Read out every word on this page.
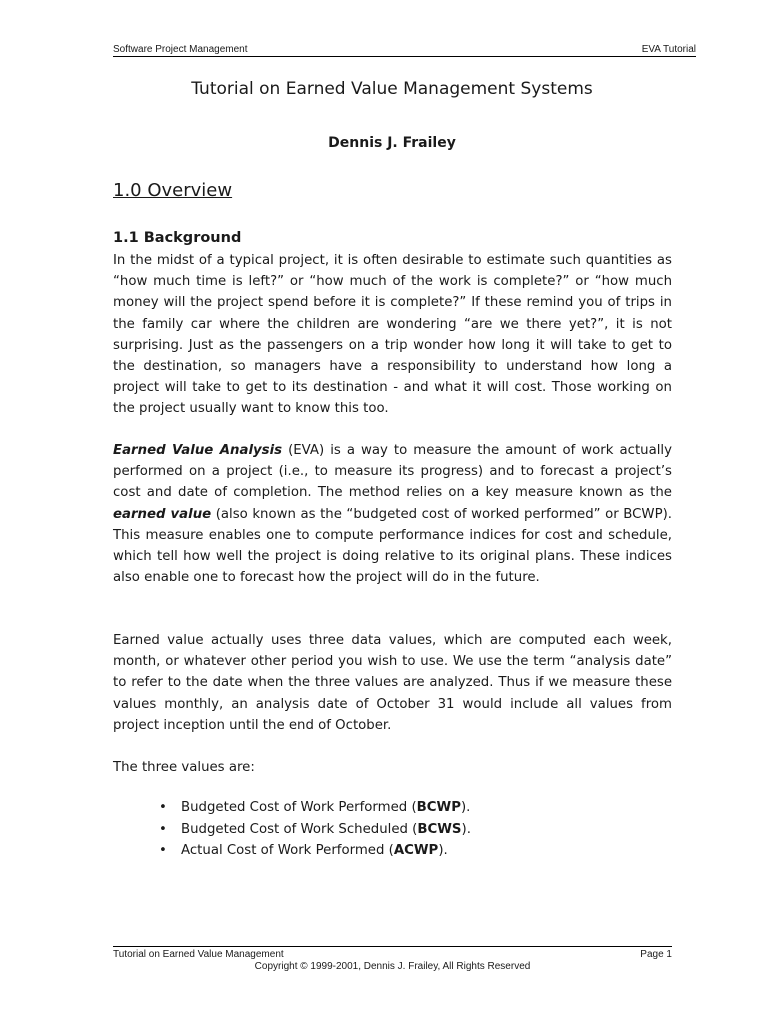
Software Project Management	EVA Tutorial
Tutorial on Earned Value Management Systems
Dennis J. Frailey
1.0 Overview
1.1 Background

In the midst of a typical project, it is often desirable to estimate such quantities as “how much time is left?” or “how much of the work is complete?” or “how much money will the project spend before it is complete?” If these remind you of trips in the family car where the children are wondering “are we there yet?”, it is not surprising. Just as the passengers on a trip wonder how long it will take to get to the destination, so managers have a responsibility to understand how long a project will take to get to its destination - and what it will cost. Those working on the project usually want to know this too.

Earned Value Analysis (EVA) is a way to measure the amount of work actually performed on a project (i.e., to measure its progress) and to forecast a project’s cost and date of completion. The method relies on a key measure known as the earned value (also known as the “budgeted cost of worked performed” or BCWP). This measure enables one to compute performance indices for cost and schedule, which tell how well the project is doing relative to its original plans. These indices also enable one to forecast how the project will do in the future.

Earned value actually uses three data values, which are computed each week, month, or whatever other period you wish to use. We use the term “analysis date” to refer to the date when the three values are analyzed. Thus if we measure these values monthly, an analysis date of October 31 would include all values from project inception until the end of October.

The three values are:

• Budgeted Cost of Work Performed (BCWP).
• Budgeted Cost of Work Scheduled (BCWS).
• Actual Cost of Work Performed (ACWP).
Tutorial on Earned Value Management	Page 1
Copyright © 1999-2001, Dennis J. Frailey, All Rights Reserved
